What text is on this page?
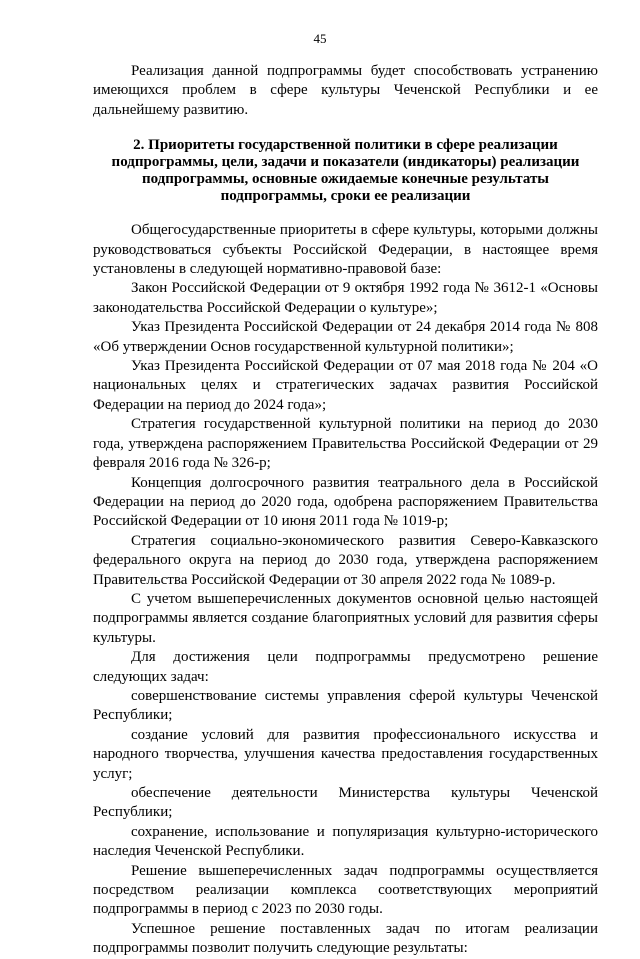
45

Реализация данной подпрограммы будет способствовать устранению имеющихся проблем в сфере культуры Чеченской Республики и ее дальнейшему развитию.

2. Приоритеты государственной политики в сфере реализации подпрограммы, цели, задачи и показатели (индикаторы) реализации подпрограммы, основные ожидаемые конечные результаты подпрограммы, сроки ее реализации

Общегосударственные приоритеты в сфере культуры, которыми должны руководствоваться субъекты Российской Федерации, в настоящее время установлены в следующей нормативно-правовой базе:

Закон Российской Федерации от 9 октября 1992 года № 3612-1 «Основы законодательства Российской Федерации о культуре»;

Указ Президента Российской Федерации от 24 декабря 2014 года № 808 «Об утверждении Основ государственной культурной политики»;

Указ Президента Российской Федерации от 07 мая 2018 года № 204 «О национальных целях и стратегических задачах развития Российской Федерации на период до 2024 года»;

Стратегия государственной культурной политики на период до 2030 года, утверждена распоряжением Правительства Российской Федерации от 29 февраля 2016 года № 326-р;

Концепция долгосрочного развития театрального дела в Российской Федерации на период до 2020 года, одобрена распоряжением Правительства Российской Федерации от 10 июня 2011 года № 1019-р;

Стратегия социально-экономического развития Северо-Кавказского федерального округа на период до 2030 года, утверждена распоряжением Правительства Российской Федерации от 30 апреля 2022 года № 1089-р.

С учетом вышеперечисленных документов основной целью настоящей подпрограммы является создание благоприятных условий для развития сферы культуры.

Для достижения цели подпрограммы предусмотрено решение следующих задач:

совершенствование системы управления сферой культуры Чеченской Республики;

создание условий для развития профессионального искусства и народного творчества, улучшения качества предоставления государственных услуг;

обеспечение деятельности Министерства культуры Чеченской Республики;

сохранение, использование и популяризация культурно-исторического наследия Чеченской Республики.

Решение вышеперечисленных задач подпрограммы осуществляется посредством реализации комплекса соответствующих мероприятий подпрограммы в период с 2023 по 2030 годы.

Успешное решение поставленных задач по итогам реализации подпрограммы позволит получить следующие результаты:
